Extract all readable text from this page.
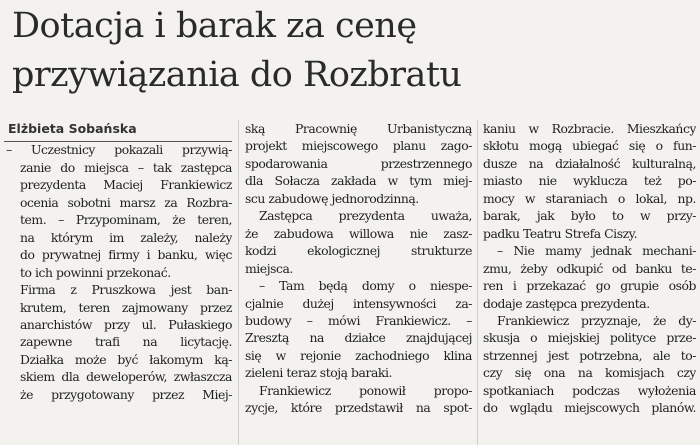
Dotacja i barak za cenę
przywiązania do Rozbratu
Elżbieta Sobańska
– Uczestnicy pokazali przywią-
zanie do miejsca – tak zastępca
prezydenta Maciej Frankiewicz
ocenia sobotni marsz za Rozbra-
tem. – Przypominam, że teren,
na którym im zależy, należy
do prywatnej firmy i banku, więc
to ich powinni przekonać.
Firma z Pruszkowa jest ban-
krutem, teren zajmowany przez
anarchistów przy ul. Pułaskiego
zapewne trafi na licytację.
Działka może być łakomym ką-
skiem dla deweloperów, zwłaszcza
że przygotowany przez Miej-
ską Pracownię Urbanistyczną
projekt miejscowego planu zago-
spodarowania przestrzennego
dla Sołacza zakłada w tym miej-
scu zabudowę jednorodzinną.
Zastępca prezydenta uważa,
że zabudowa willowa nie zasz-
kodzi ekologicznej strukturze
miejsca.
– Tam będą domy o niespe-
cjalnie dużej intensywności za-
budowy – mówi Frankiewicz. –
Zresztą na działce znajdującej
się w rejonie zachodniego klina
zieleni teraz stoją baraki.
Frankiewicz ponowił propo-
zycje, które przedstawił na spot-
kaniu w Rozbracie. Mieszkańcy
skłotu mogą ubiegać się o fun-
dusze na działalność kulturalną,
miasto nie wyklucza też po-
mocy w staraniach o lokal, np.
barak, jak było to w przy-
padku Teatru Strefa Ciszy.
– Nie mamy jednak mechani-
zmu, żeby odkupić od banku te-
ren i przekazać go grupie osób
dodaje zastępca prezydenta.
Frankiewicz przyznaje, że dy-
skusja o miejskiej polityce prze-
strzennej jest potrzebna, ale to-
czy się ona na komisjach czy
spotkaniach podczas wyłożenia
do wglądu miejscowych planów.
